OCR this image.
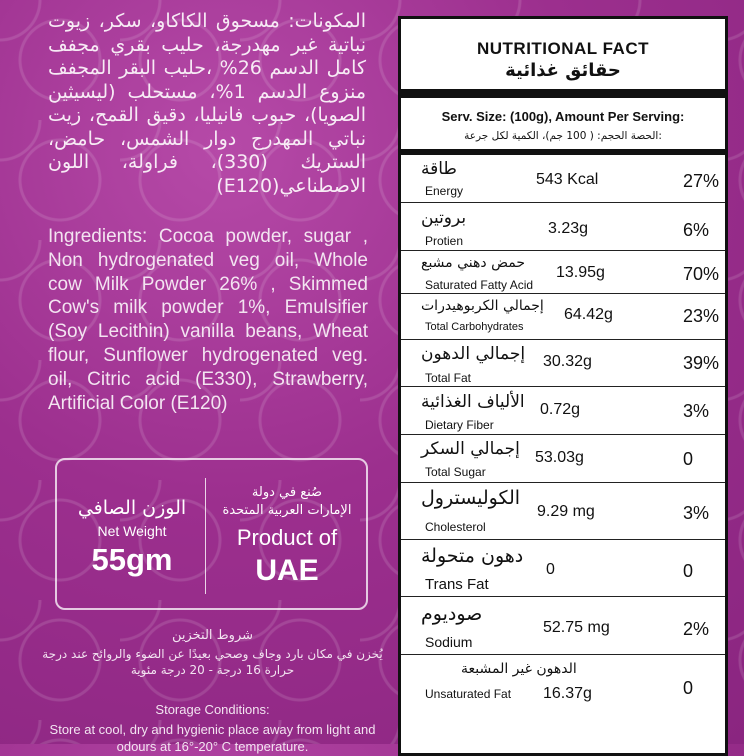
المكونات: مسحوق الكاكاو، سكر، زيوت نباتية غير مهدرجة، حليب بقري مجفف كامل الدسم 26% ،حليب البقر المجفف منزوع الدسم 1%، مستحلب (ليسيثين الصويا)، حبوب فانيليا، دقيق القمح، زيت نباتي المهدرج دوار الشمس، حامض، الستريك (330)، فراولة، اللون الاصطناعي(E120)
Ingredients: Cocoa powder, sugar , Non hydrogenated veg oil, Whole cow Milk Powder 26% , Skimmed Cow's milk powder 1%, Emulsifier (Soy Lecithin) vanilla beans, Wheat flour, Sunflower hydrogenated veg. oil, Citric acid (E330), Strawberry, Artificial Color (E120)
الوزن الصافي
Net Weight
55gm
صُنع في دولة
الإمارات العربية المتحدة
Product of
UAE
شروط التخزين
يُخزن في مكان بارد وجاف وصحي بعيدًا عن الضوء والروائح عند درجة حرارة 16 درجة - 20 درجة مئوية
Storage Conditions:
Store at cool, dry and hygienic place away from light and odours at 16°-20° C temperature.
NUTRITIONAL FACT
حقائق غذائية
Serv. Size: (100g), Amount Per Serving:
الحصة الحجم: ( 100 جم)، الكمية لكل جرعة:
طاقة
Energy
543 Kcal	27%
بروتين
Protien
3.23g	6%
حمض دهني مشبع
Saturated Fatty Acid
13.95g	70%
إجمالي الكربوهيدرات
Total Carbohydrates
64.42g	23%
إجمالي الدهون
Total Fat
30.32g	39%
الألياف الغذائية
Dietary Fiber
0.72g	3%
إجمالي السكر
Total Sugar
53.03g	0
الكوليسترول
Cholesterol
9.29 mg	3%
دهون متحولة
Trans Fat
0	0
صوديوم
Sodium
52.75 mg	2%
الدهون غير المشبعة
Unsaturated Fat 16.37g	0
